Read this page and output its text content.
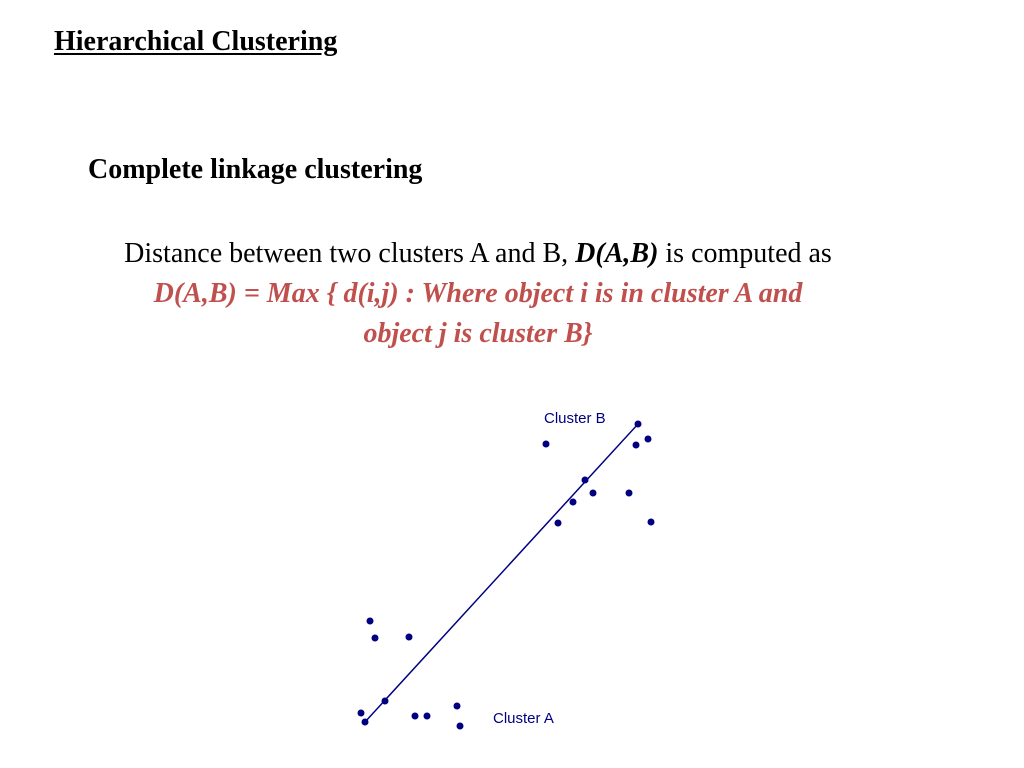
Hierarchical Clustering
Complete linkage clustering
Distance between two clusters A and B, D(A,B) is computed as
D(A,B) = Max { d(i,j) : Where object i is in cluster A and
object j is cluster B}
Cluster B
Cluster A
